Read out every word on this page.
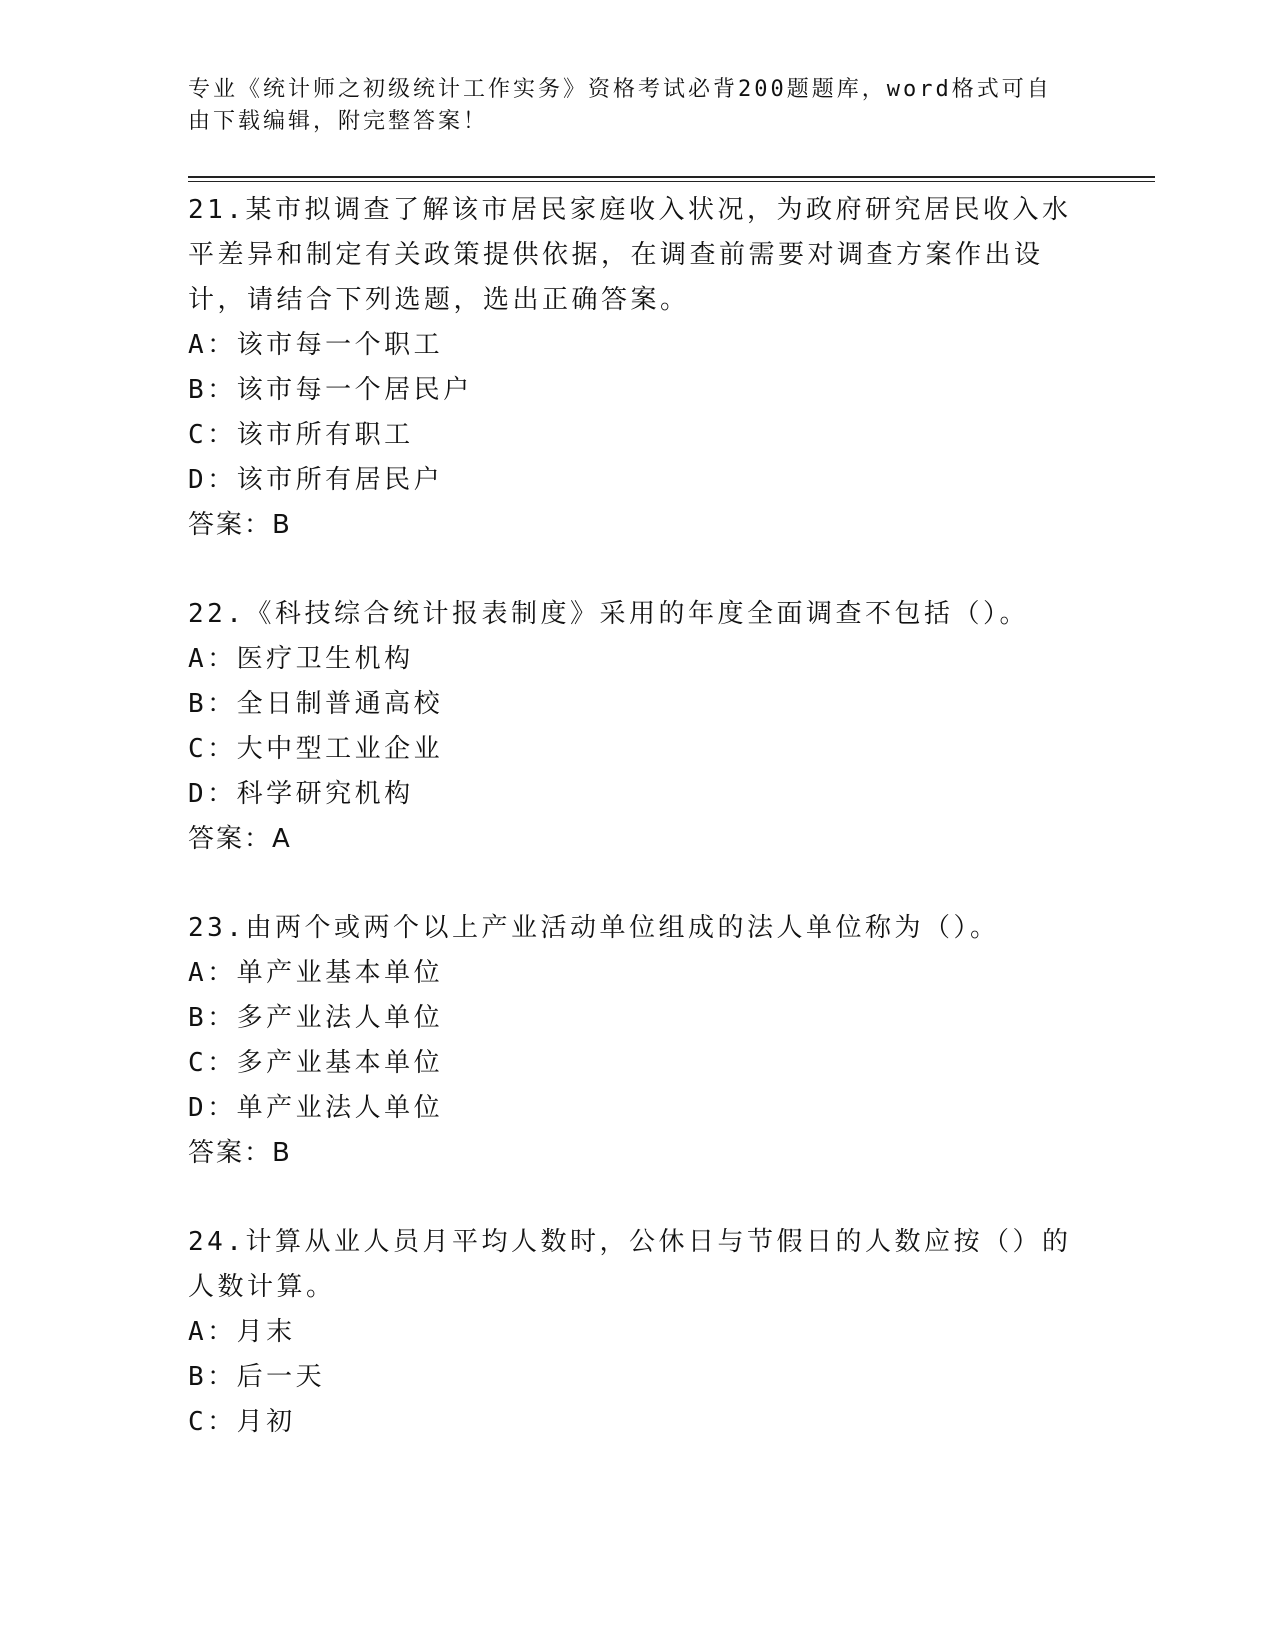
专业《统计师之初级统计工作实务》资格考试必背200题题库，word格式可自由下载编辑，附完整答案！
21.某市拟调查了解该市居民家庭收入状况，为政府研究居民收入水平差异和制定有关政策提供依据，在调查前需要对调查方案作出设计，请结合下列选题，选出正确答案。
A：该市每一个职工
B：该市每一个居民户
C：该市所有职工
D：该市所有居民户
答案：B
22.《科技综合统计报表制度》采用的年度全面调查不包括（）。
A：医疗卫生机构
B：全日制普通高校
C：大中型工业企业
D：科学研究机构
答案：A
23.由两个或两个以上产业活动单位组成的法人单位称为（）。
A：单产业基本单位
B：多产业法人单位
C：多产业基本单位
D：单产业法人单位
答案：B
24.计算从业人员月平均人数时，公休日与节假日的人数应按（）的人数计算。
A：月末
B：后一天
C：月初
